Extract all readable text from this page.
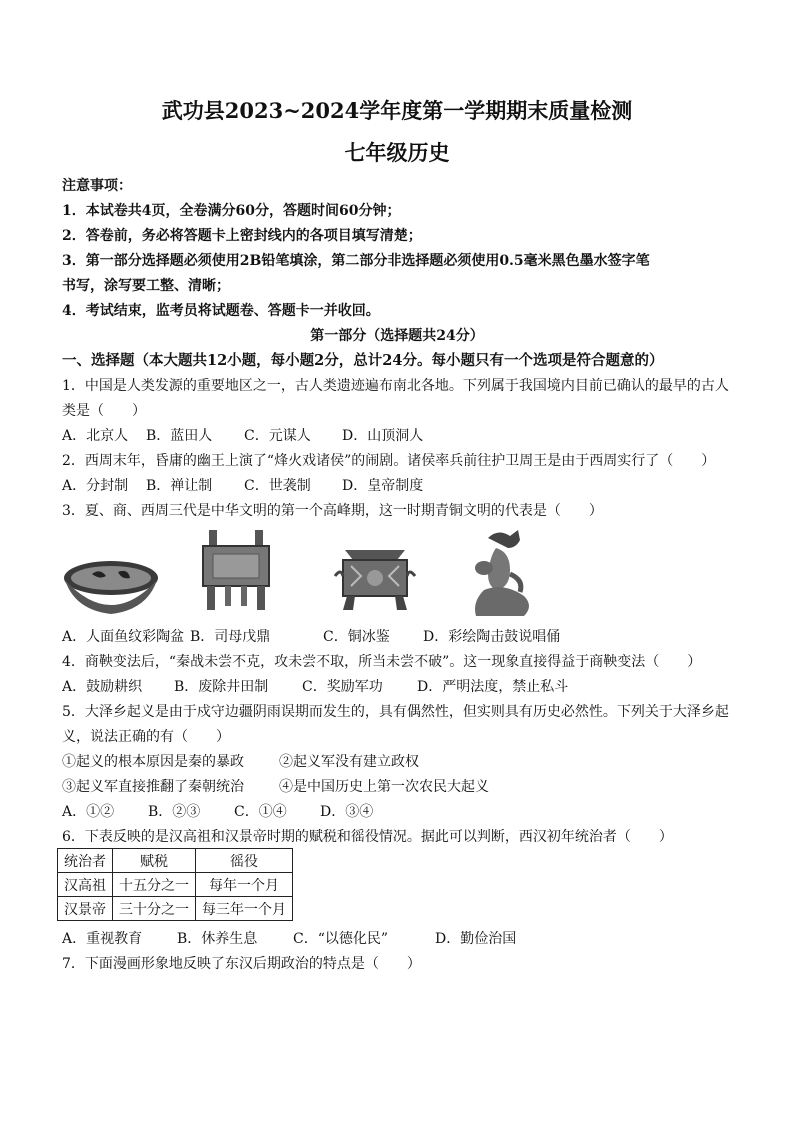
武功县2023~2024学年度第一学期期末质量检测
七年级历史
注意事项：
1．本试卷共4页，全卷满分60分，答题时间60分钟；
2．答卷前，务必将答题卡上密封线内的各项目填写清楚；
3．第一部分选择题必须使用2B铅笔填涂，第二部分非选择题必须使用0.5毫米黑色墨水签字笔
书写，涂写要工整、清晰；
4．考试结束，监考员将试题卷、答题卡一并收回。
第一部分（选择题共24分）
一、选择题（本大题共12小题，每小题2分，总计24分。每小题只有一个选项是符合题意的）
1．中国是人类发源的重要地区之一，古人类遗迹遍布南北各地。下列属于我国境内目前已确认的最早的古人
类是（　　）
A．北京人 B．蓝田人 C．元谋人 D．山顶洞人
2．西周末年，昏庸的幽王上演了“烽火戏诸侯”的闹剧。诸侯率兵前往护卫周王是由于西周实行了（　　）
A．分封制 B．禅让制 C．世袭制 D．皇帝制度
3．夏、商、西周三代是中华文明的第一个高峰期，这一时期青铜文明的代表是（　　）
A．人面鱼纹彩陶盆 B．司母戊鼎	C．铜冰鉴 D．彩绘陶击鼓说唱俑
4．商鞅变法后，“秦战未尝不克，攻未尝不取，所当未尝不破”。这一现象直接得益于商鞅变法（　　）
A．鼓励耕织 B．废除井田制 C．奖励军功 D．严明法度，禁止私斗
5．大泽乡起义是由于戍守边疆阴雨误期而发生的，具有偶然性，但实则具有历史必然性。下列关于大泽乡起
义，说法正确的有（　　）
①起义的根本原因是秦的暴政	②起义军没有建立政权
③起义军直接推翻了秦朝统治	④是中国历史上第一次农民大起义
A．①② B．②③ C．①④ D．③④
6．下表反映的是汉高祖和汉景帝时期的赋税和徭役情况。据此可以判断，西汉初年统治者（　　）
统治者	赋税	徭役
汉高祖	十五分之一	每年一个月
汉景帝	三十分之一	每三年一个月
A．重视教育 B．休养生息	C．“以德化民”	D．勤俭治国
7．下面漫画形象地反映了东汉后期政治的特点是（　　）
